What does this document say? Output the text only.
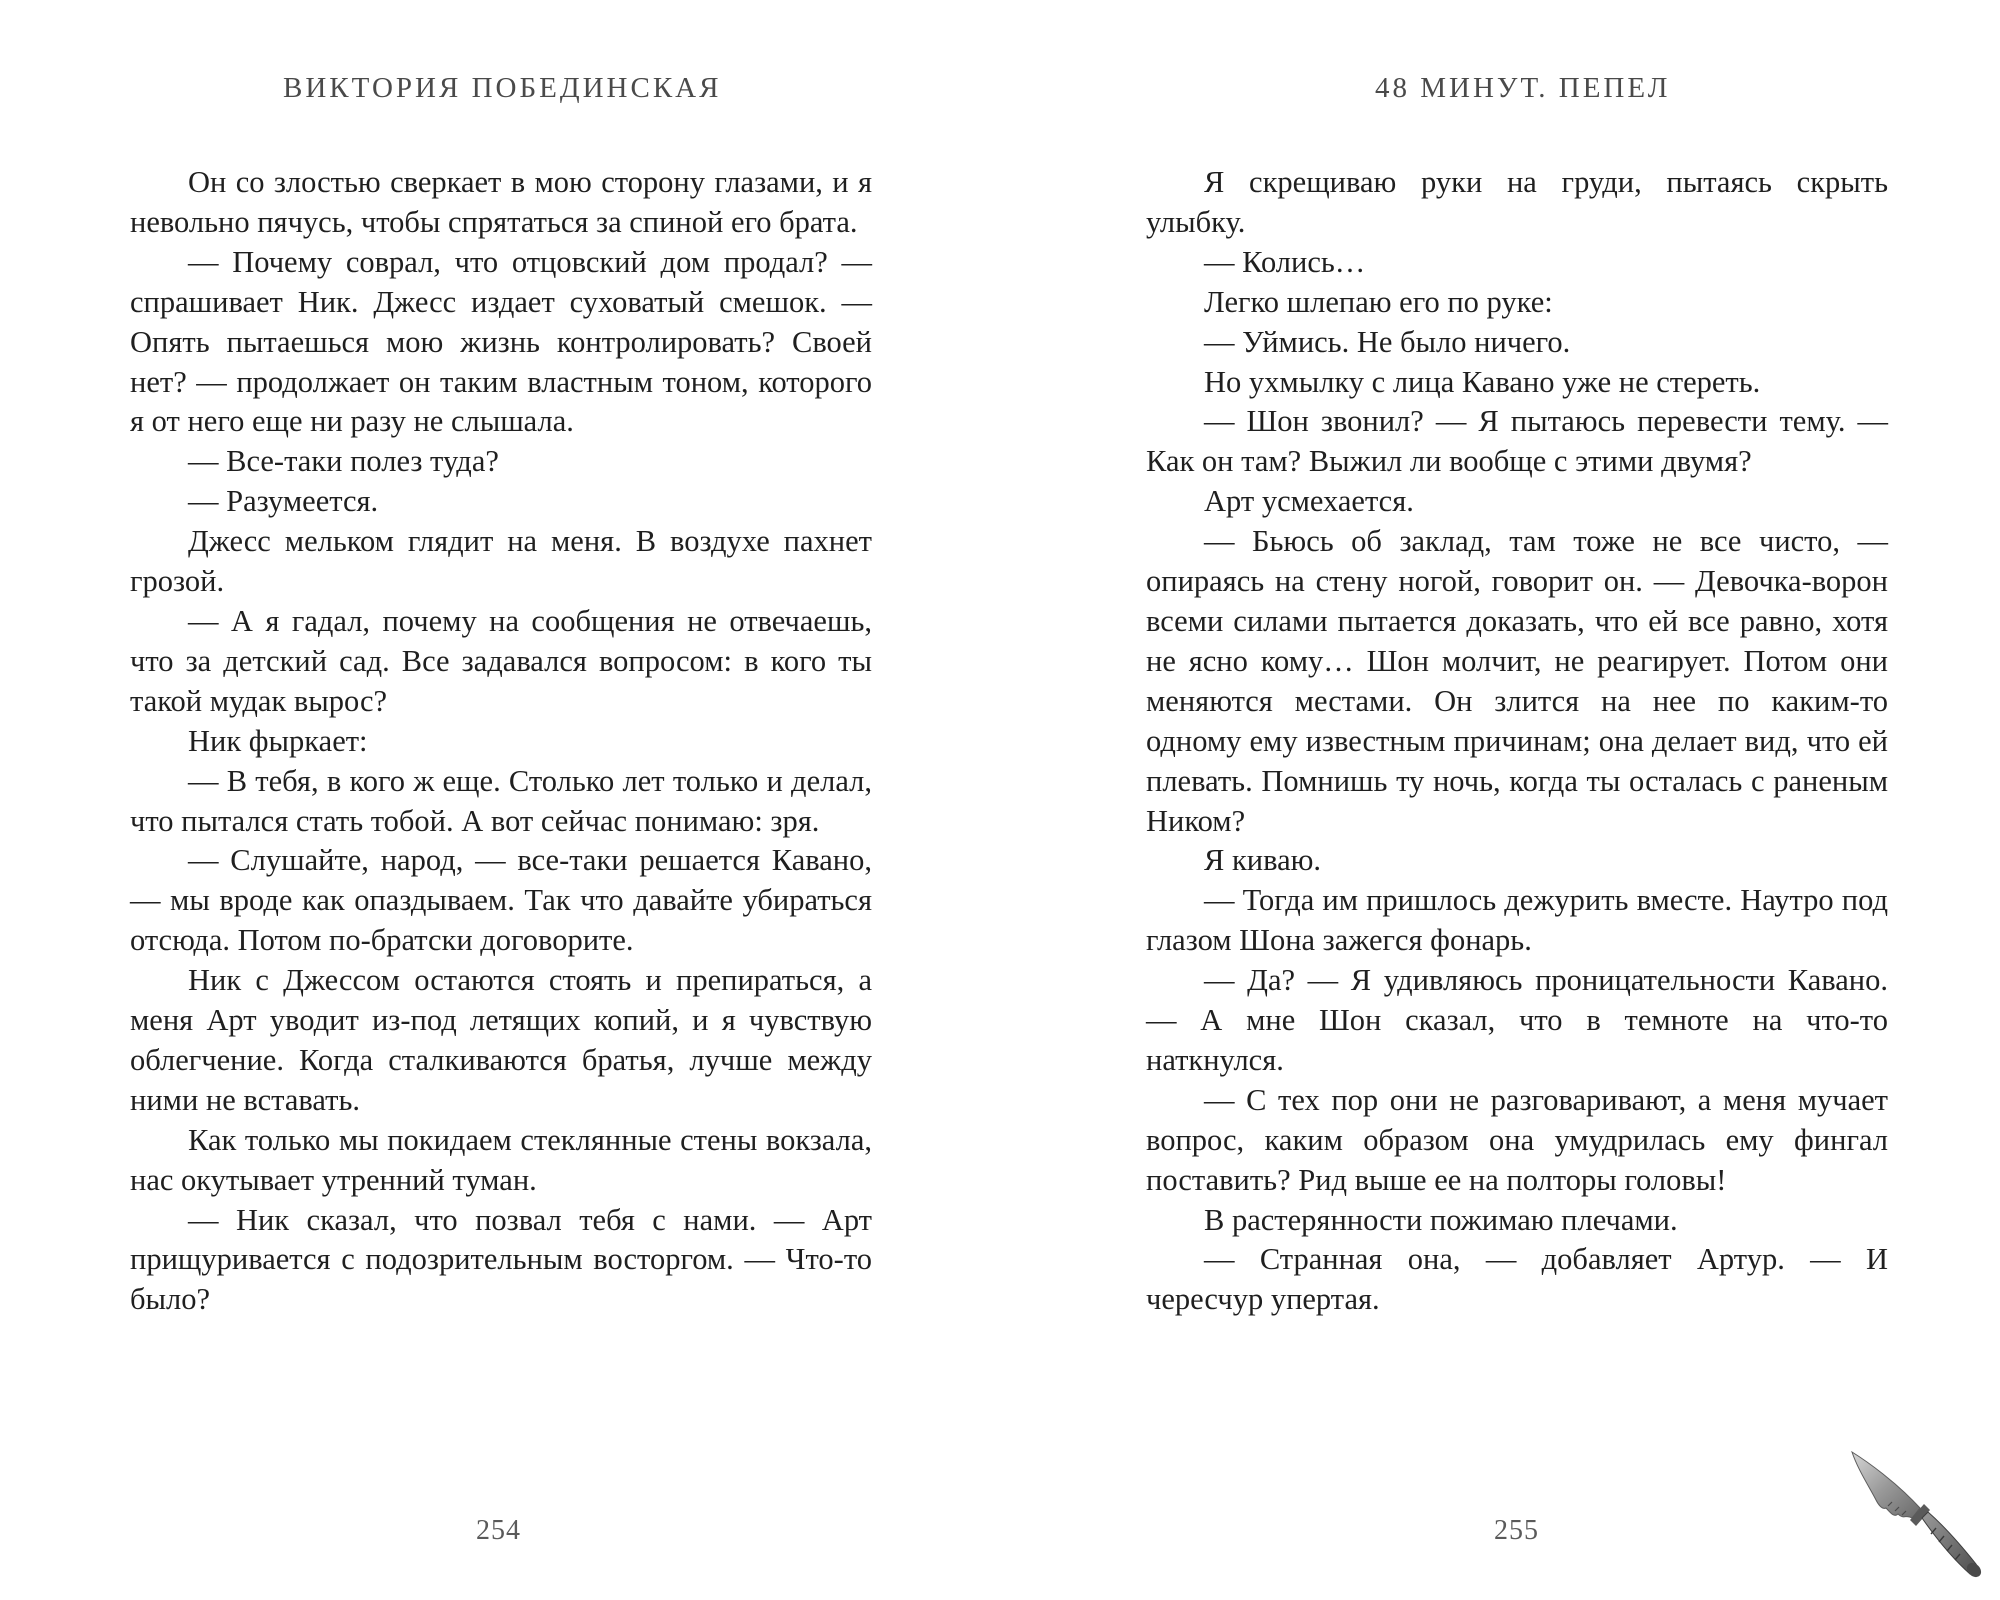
ВИКТОРИЯ ПОБЕДИНСКАЯ

Он со злостью сверкает в мою сторону глазами, и я невольно пячусь, чтобы спрятаться за спиной его брата.

— Почему соврал, что отцовский дом продал? — спрашивает Ник. Джесс издает суховатый смешок. — Опять пытаешься мою жизнь контролировать? Своей нет? — продолжает он таким властным тоном, которого я от него еще ни разу не слышала.

— Все-таки полез туда?

— Разумеется.

Джесс мельком глядит на меня. В воздухе пахнет грозой.

— А я гадал, почему на сообщения не отвечаешь, что за детский сад. Все задавался вопросом: в кого ты такой мудак вырос?

Ник фыркает:

— В тебя, в кого ж еще. Столько лет только и делал, что пытался стать тобой. А вот сейчас понимаю: зря.

— Слушайте, народ, — все-таки решается Кавано, — мы вроде как опаздываем. Так что давайте убираться отсюда. Потом по-братски договорите.

Ник с Джессом остаются стоять и препираться, а меня Арт уводит из-под летящих копий, и я чувствую облегчение. Когда сталкиваются братья, лучше между ними не вставать.

Как только мы покидаем стеклянные стены вокзала, нас окутывает утренний туман.

— Ник сказал, что позвал тебя с нами. — Арт прищуривается с подозрительным восторгом. — Что-то было?

254
48 МИНУТ. ПЕПЕЛ

Я скрещиваю руки на груди, пытаясь скрыть улыбку.

— Колись…

Легко шлепаю его по руке:

— Уймись. Не было ничего.

Но ухмылку с лица Кавано уже не стереть.

— Шон звонил? — Я пытаюсь перевести тему. — Как он там? Выжил ли вообще с этими двумя?

Арт усмехается.

— Бьюсь об заклад, там тоже не все чисто, — опираясь на стену ногой, говорит он. — Девочка-ворон всеми силами пытается доказать, что ей все равно, хотя не ясно кому… Шон молчит, не реагирует. Потом они меняются местами. Он злится на нее по каким-то одному ему известным причинам; она делает вид, что ей плевать. Помнишь ту ночь, когда ты осталась с раненым Ником?

Я киваю.

— Тогда им пришлось дежурить вместе. Наутро под глазом Шона зажегся фонарь.

— Да? — Я удивляюсь проницательности Кавано. — А мне Шон сказал, что в темноте на что-то наткнулся.

— С тех пор они не разговаривают, а меня мучает вопрос, каким образом она умудрилась ему фингал поставить? Рид выше ее на полторы головы!

В растерянности пожимаю плечами.

— Странная она, — добавляет Артур. — И чересчур упертая.

255
